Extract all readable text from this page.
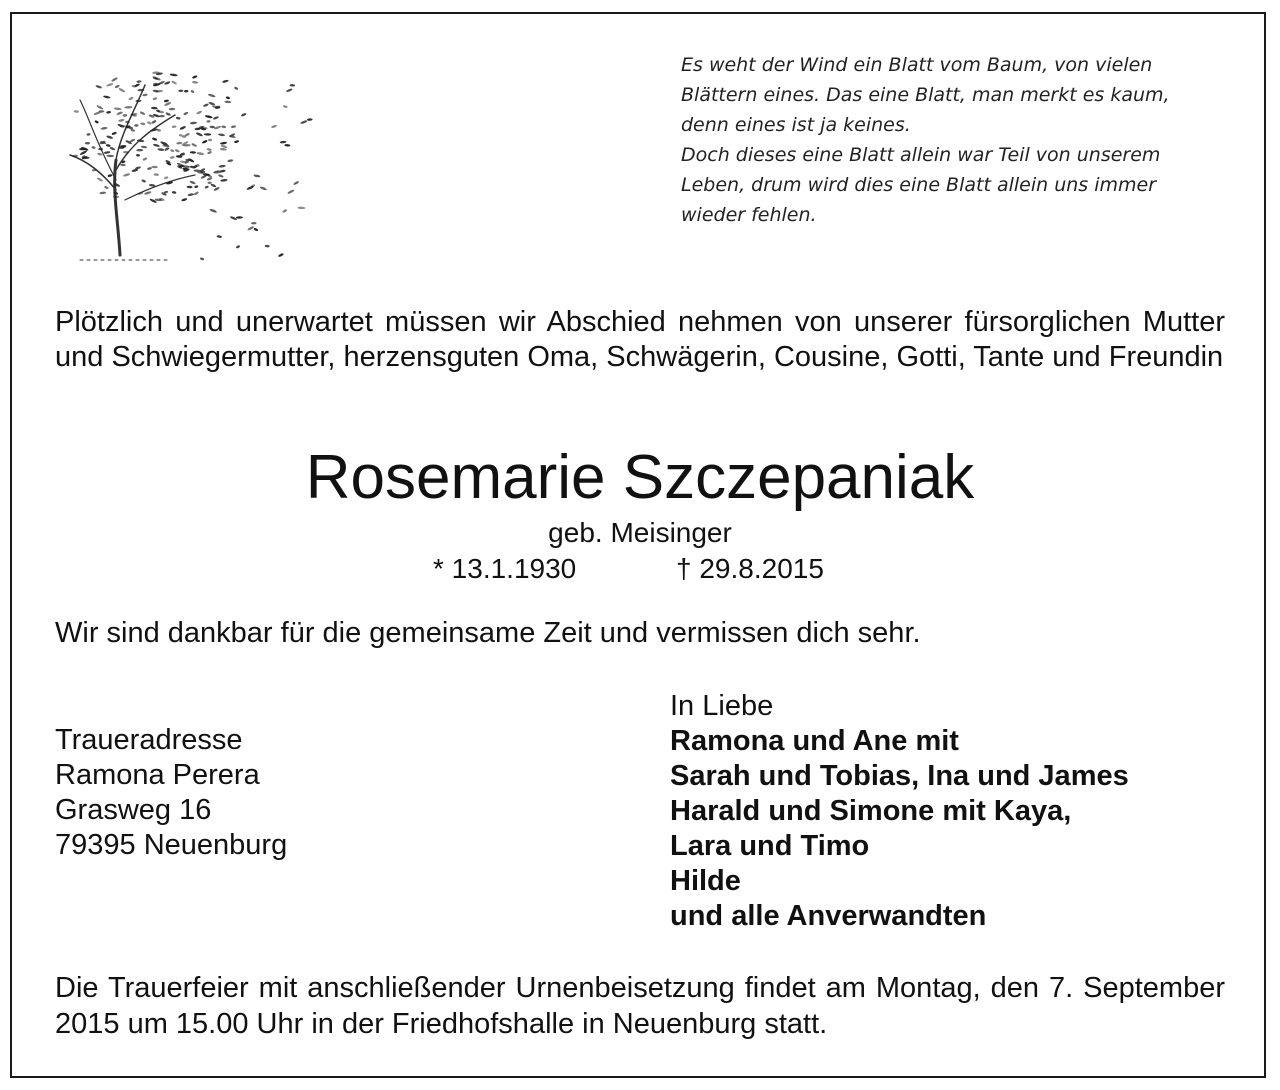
Es weht der Wind ein Blatt vom Baum, von vielen
Blättern eines. Das eine Blatt, man merkt es kaum,
denn eines ist ja keines.
Doch dieses eine Blatt allein war Teil von unserem
Leben, drum wird dies eine Blatt allein uns immer
wieder fehlen.
Plötzlich und unerwartet müssen wir Abschied nehmen von unserer fürsorglichen Mutter und Schwiegermutter, herzensguten Oma, Schwägerin, Cousine, Gotti, Tante und Freundin
Rosemarie Szczepaniak
geb. Meisinger
* 13.1.1930	† 29.8.2015
Wir sind dankbar für die gemeinsame Zeit und vermissen dich sehr.
Traueradresse
Ramona Perera
Grasweg 16
79395 Neuenburg
In Liebe
Ramona und Ane mit
Sarah und Tobias, Ina und James
Harald und Simone mit Kaya,
Lara und Timo
Hilde
und alle Anverwandten
Die Trauerfeier mit anschließender Urnenbeisetzung findet am Montag, den 7. September 2015 um 15.00 Uhr in der Friedhofshalle in Neuenburg statt.
